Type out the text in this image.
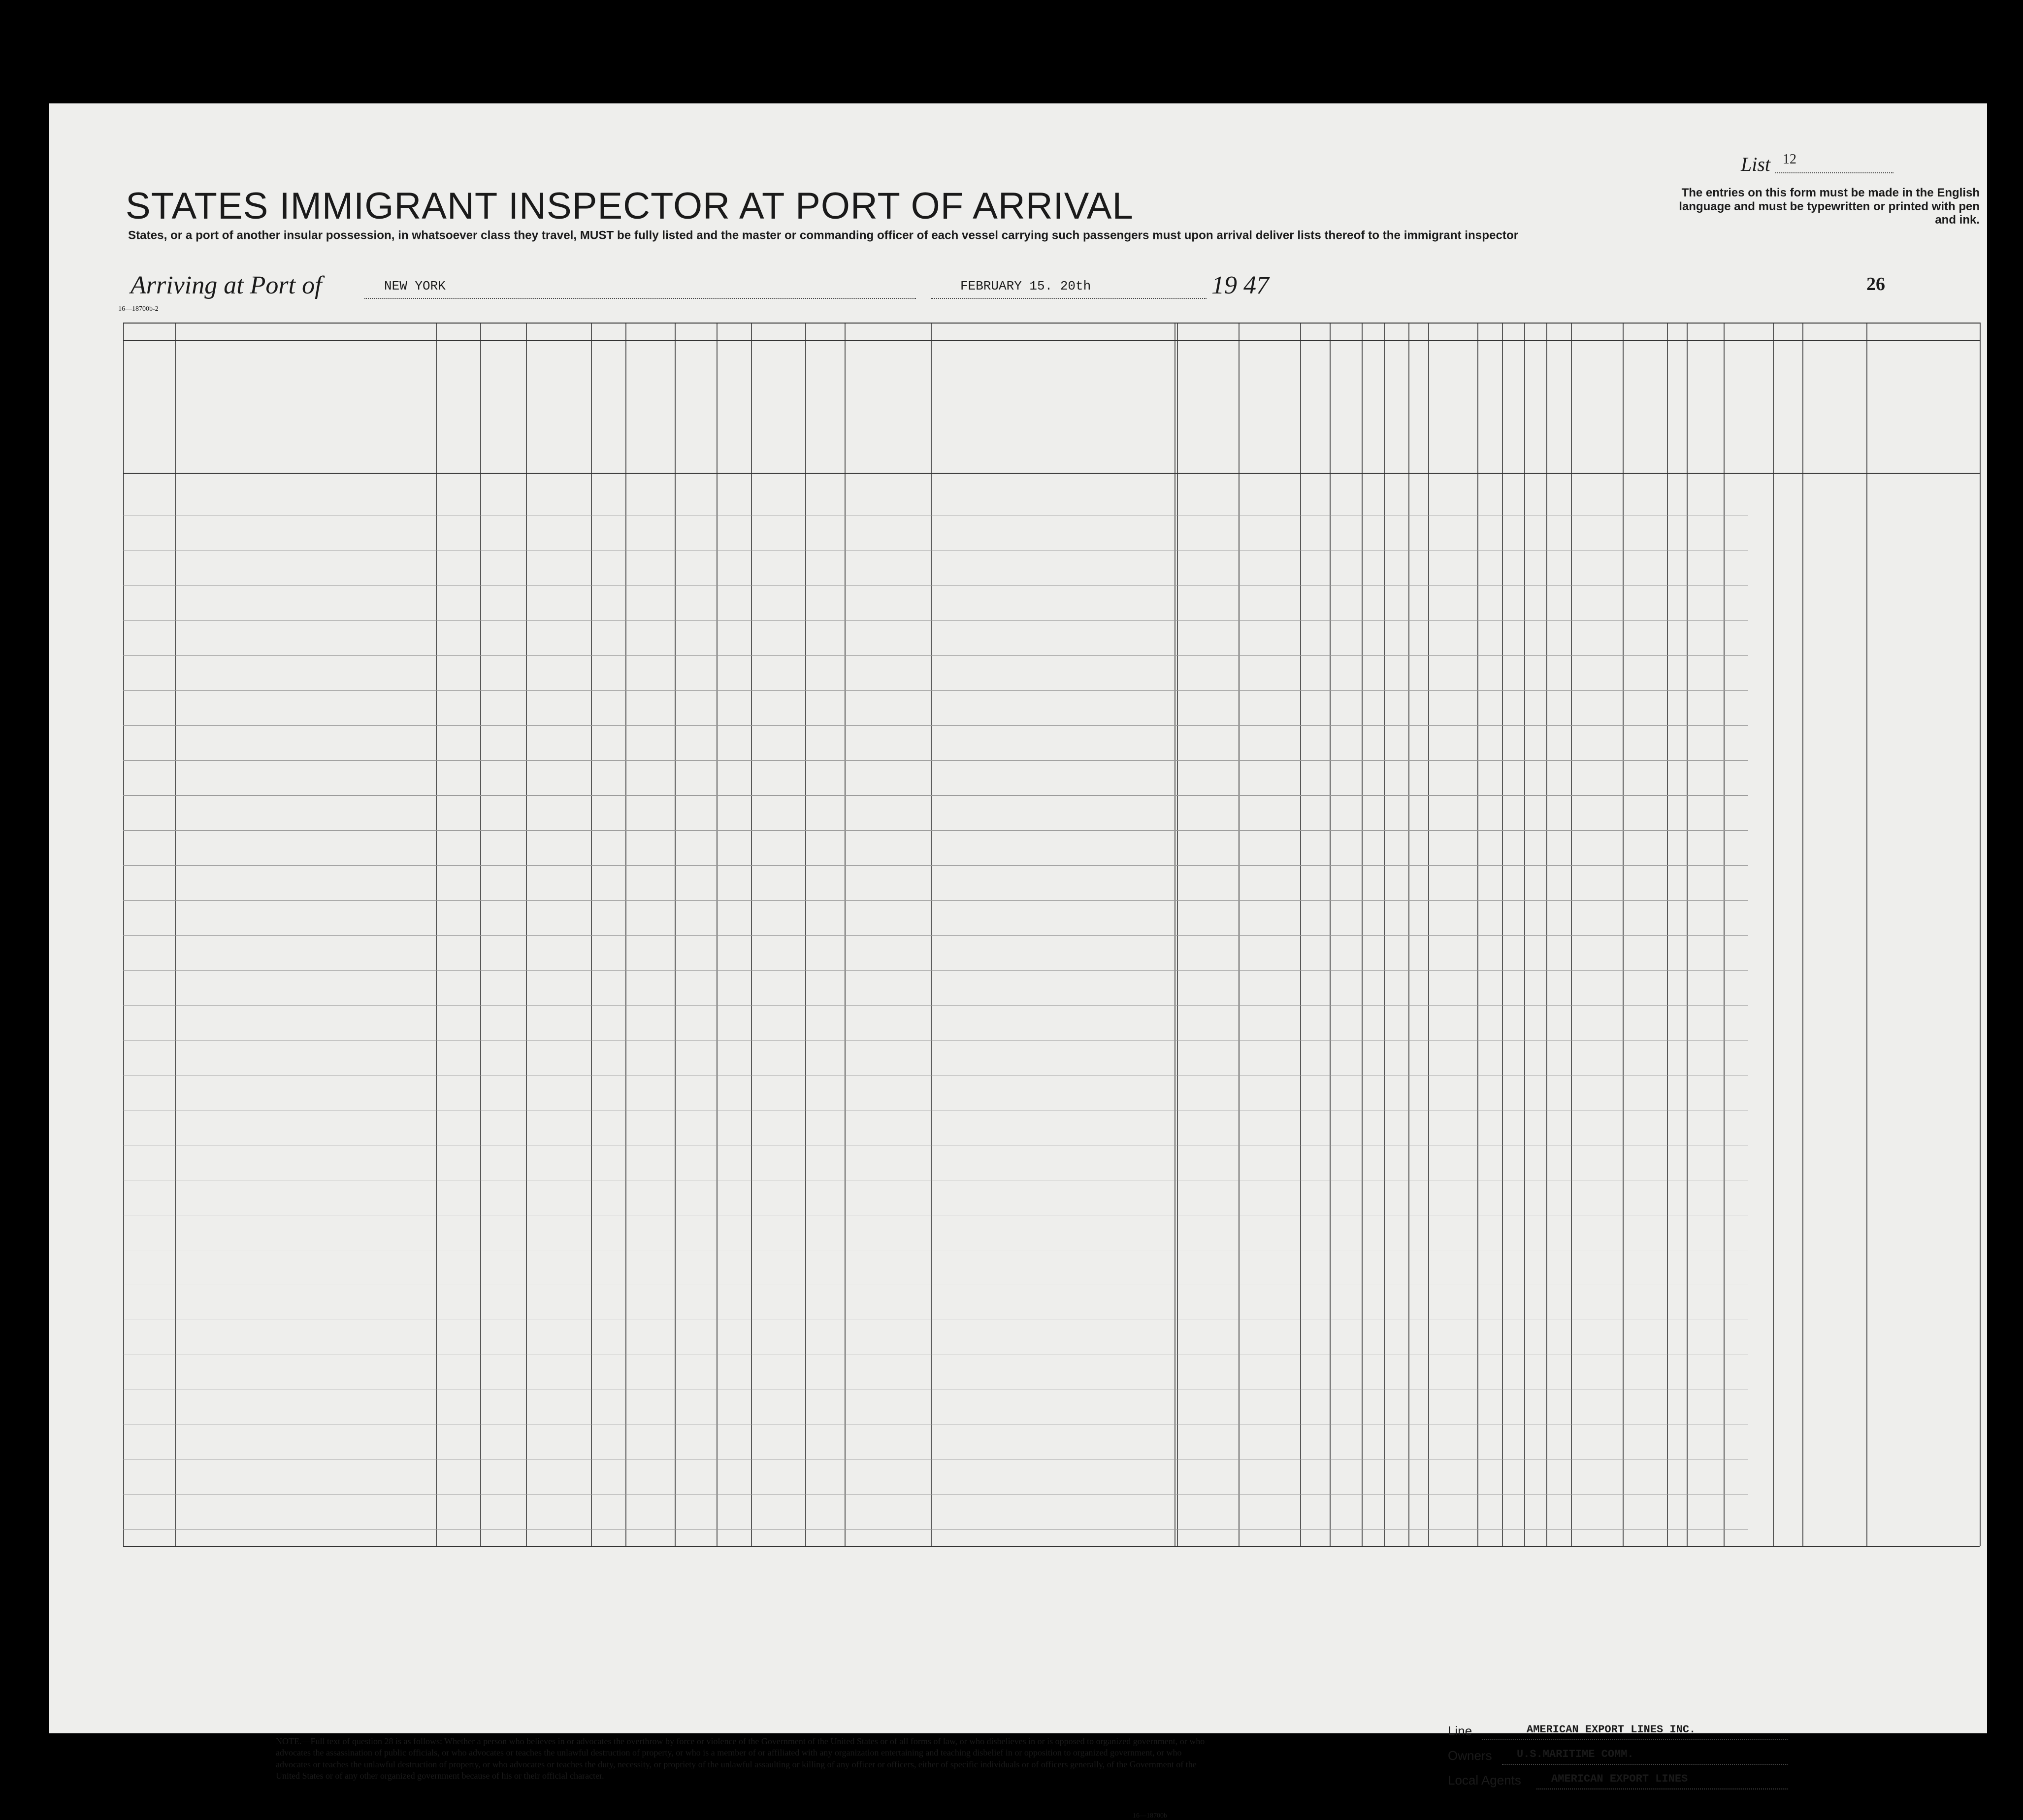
STATES IMMIGRANT INSPECTOR AT PORT OF ARRIVAL
States, or a port of another insular possession, in whatsoever class they travel, MUST be fully listed and the master or commanding officer of each vessel carrying such passengers must upon arrival deliver lists thereof to the immigrant inspector
List 12
The entries on this form must be made in the English language and must be typewritten or printed with pen and ink.
Arriving at Port of	NEW YORK	FEBRUARY 15. 20th	19 47	26
16—18700b-2
NOTE.—Full text of question 28 is as follows: Whether a person who believes in or advocates the overthrow by force or violence of the Government of the United States or of all forms of law, or who disbelieves in or is opposed to organized government, or who advocates the assassination of public officials, or who advocates or teaches the unlawful destruction of property, or who is a member of or affiliated with any organization entertaining and teaching disbelief in or opposition to organized government, or who advocates or teaches the unlawful destruction of property, or who advocates or teaches the duty, necessity, or propriety of the unlawful assaulting or killing of any officer or officers, either of specific individuals or of officers generally, of the Government of the United States or of any other organized government because of his or their official character.
16—18700b
Line	AMERICAN EXPORT LINES INC.
Owners U.S.MARITIME COMM.
Local Agents	AMERICAN EXPORT LINES
